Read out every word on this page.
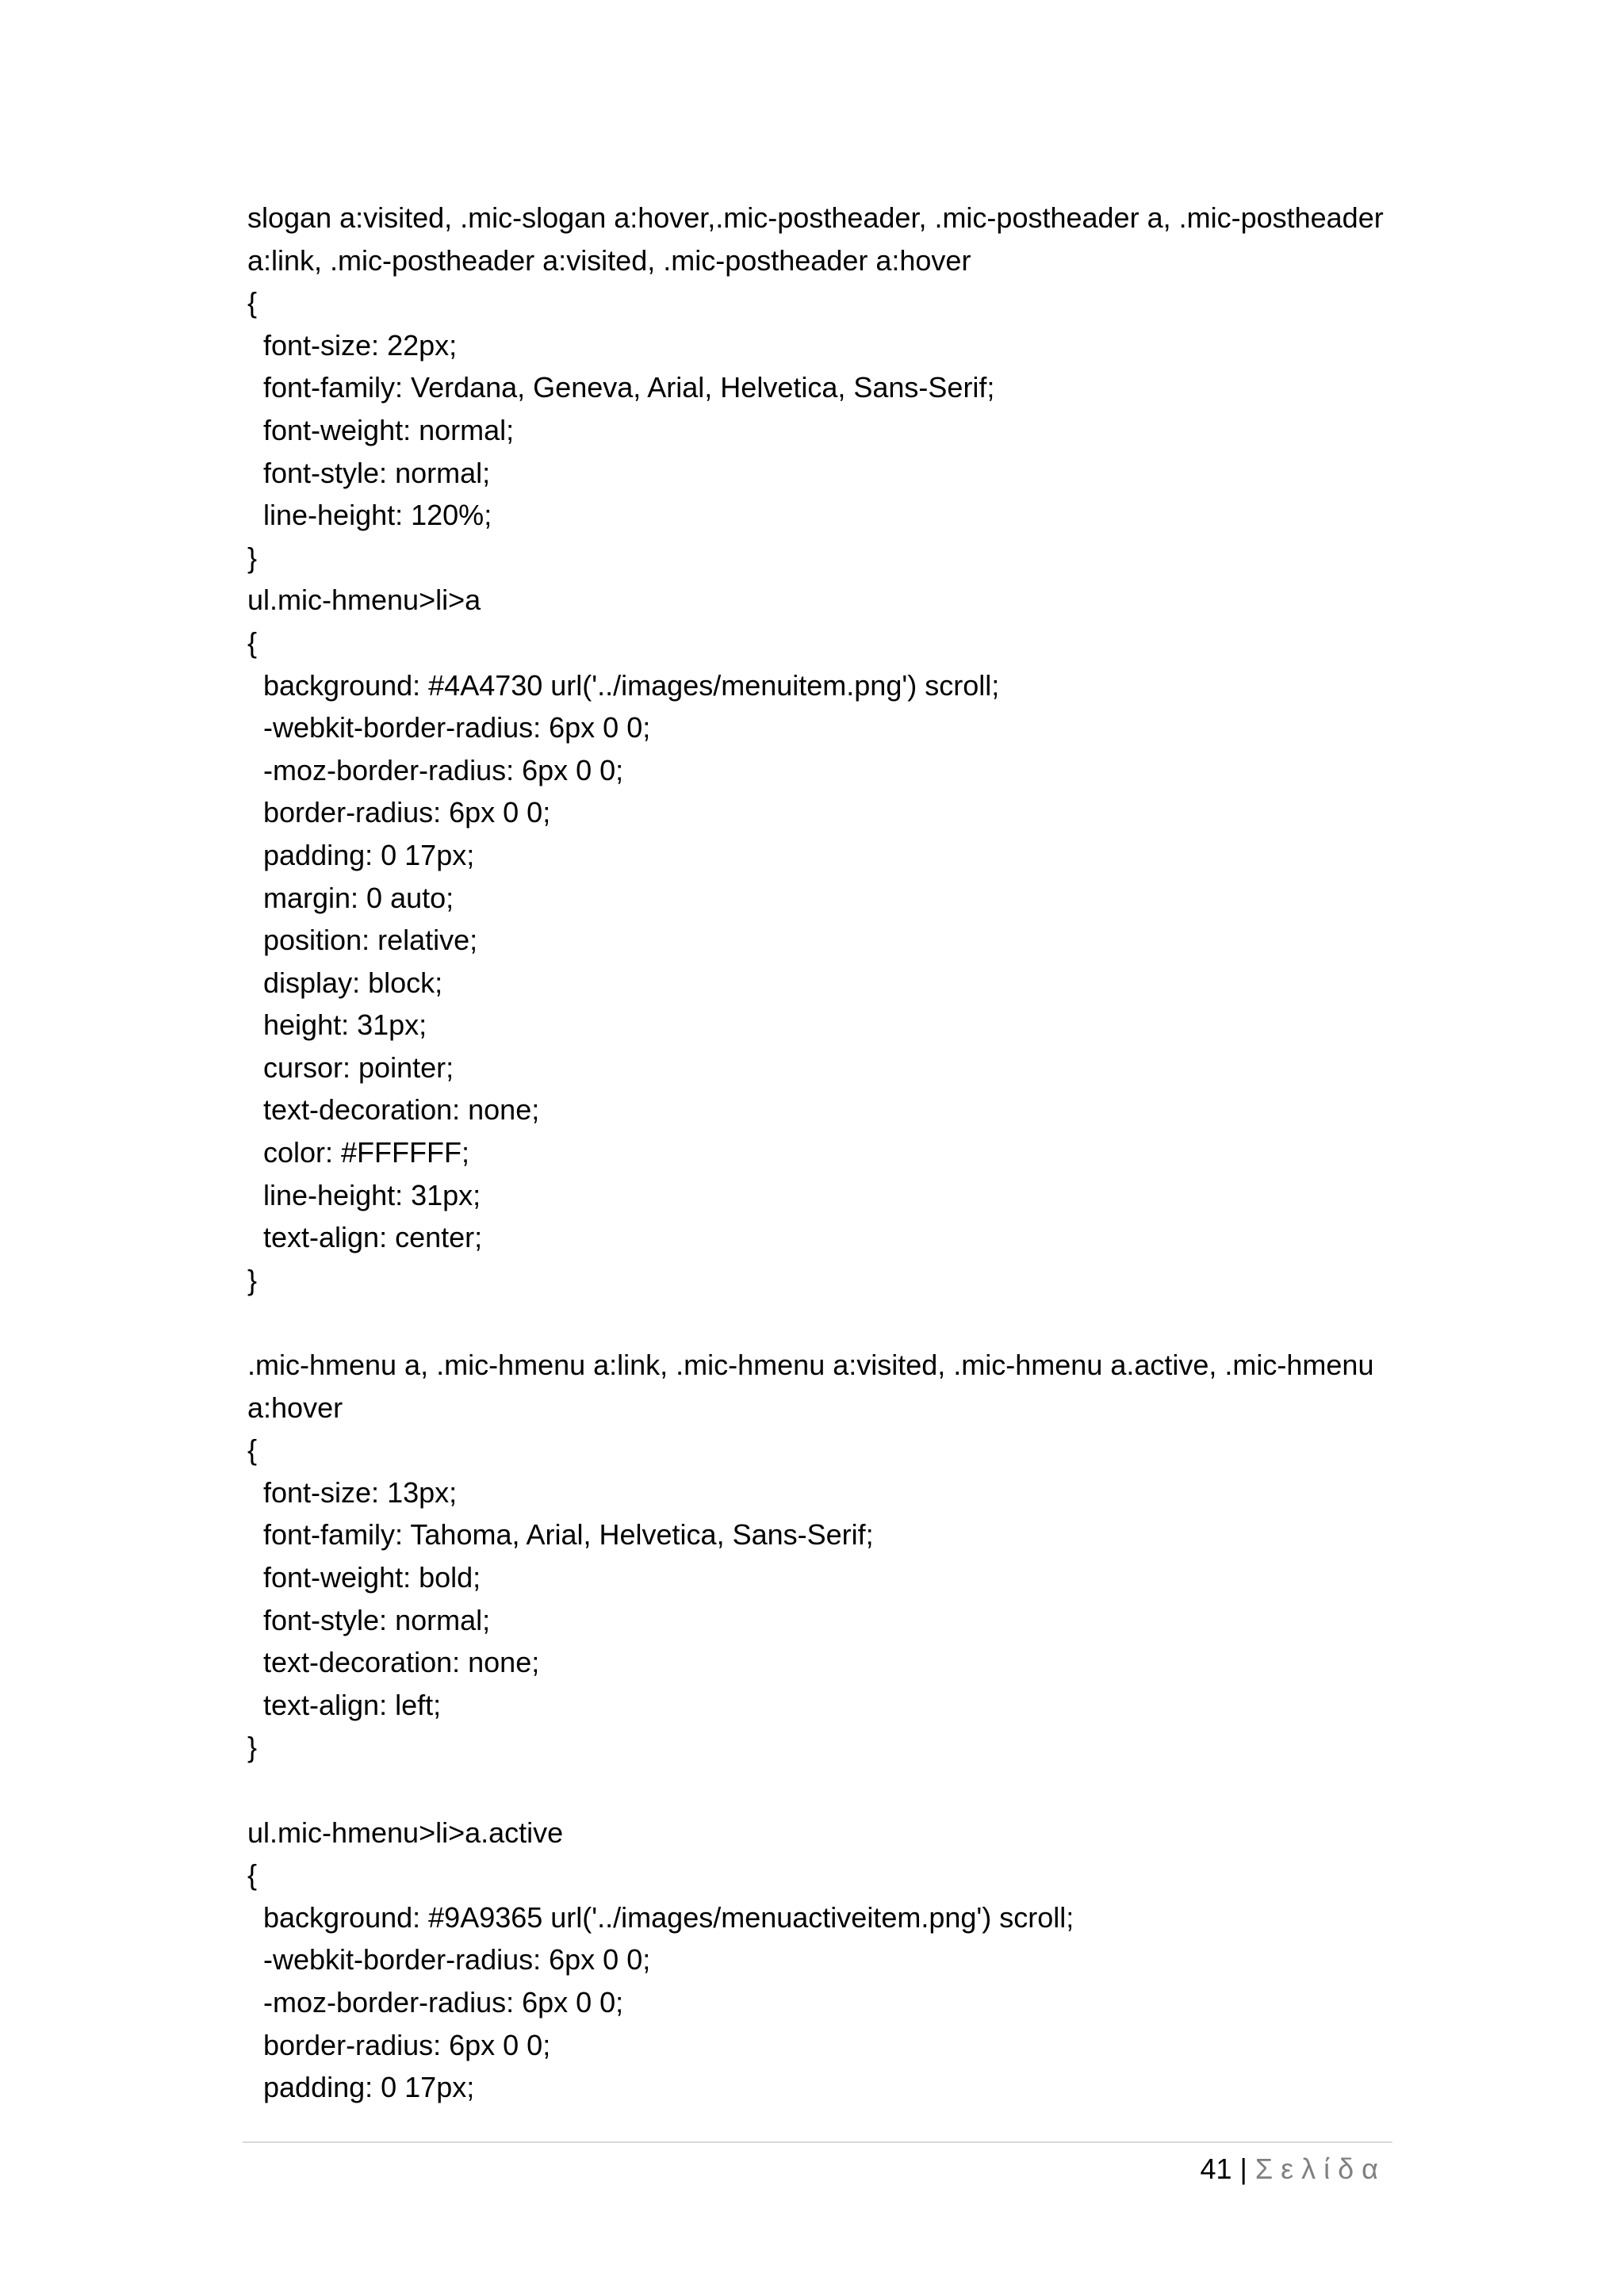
slogan a:visited, .mic-slogan a:hover,.mic-postheader, .mic-postheader a, .mic-postheader
a:link, .mic-postheader a:visited, .mic-postheader a:hover
{
font-size: 22px;
font-family: Verdana, Geneva, Arial, Helvetica, Sans-Serif;
font-weight: normal;
font-style: normal;
line-height: 120%;
}
ul.mic-hmenu>li>a
{
background: #4A4730 url('../images/menuitem.png') scroll;
-webkit-border-radius: 6px 0 0;
-moz-border-radius: 6px 0 0;
border-radius: 6px 0 0;
padding: 0 17px;
margin: 0 auto;
position: relative;
display: block;
height: 31px;
cursor: pointer;
text-decoration: none;
color: #FFFFFF;
line-height: 31px;
text-align: center;
}
.mic-hmenu a, .mic-hmenu a:link, .mic-hmenu a:visited, .mic-hmenu a.active, .mic-hmenu
a:hover
{
font-size: 13px;
font-family: Tahoma, Arial, Helvetica, Sans-Serif;
font-weight: bold;
font-style: normal;
text-decoration: none;
text-align: left;
}
ul.mic-hmenu>li>a.active
{
background: #9A9365 url('../images/menuactiveitem.png') scroll;
-webkit-border-radius: 6px 0 0;
-moz-border-radius: 6px 0 0;
border-radius: 6px 0 0;
padding: 0 17px;
41 | Σελίδα
